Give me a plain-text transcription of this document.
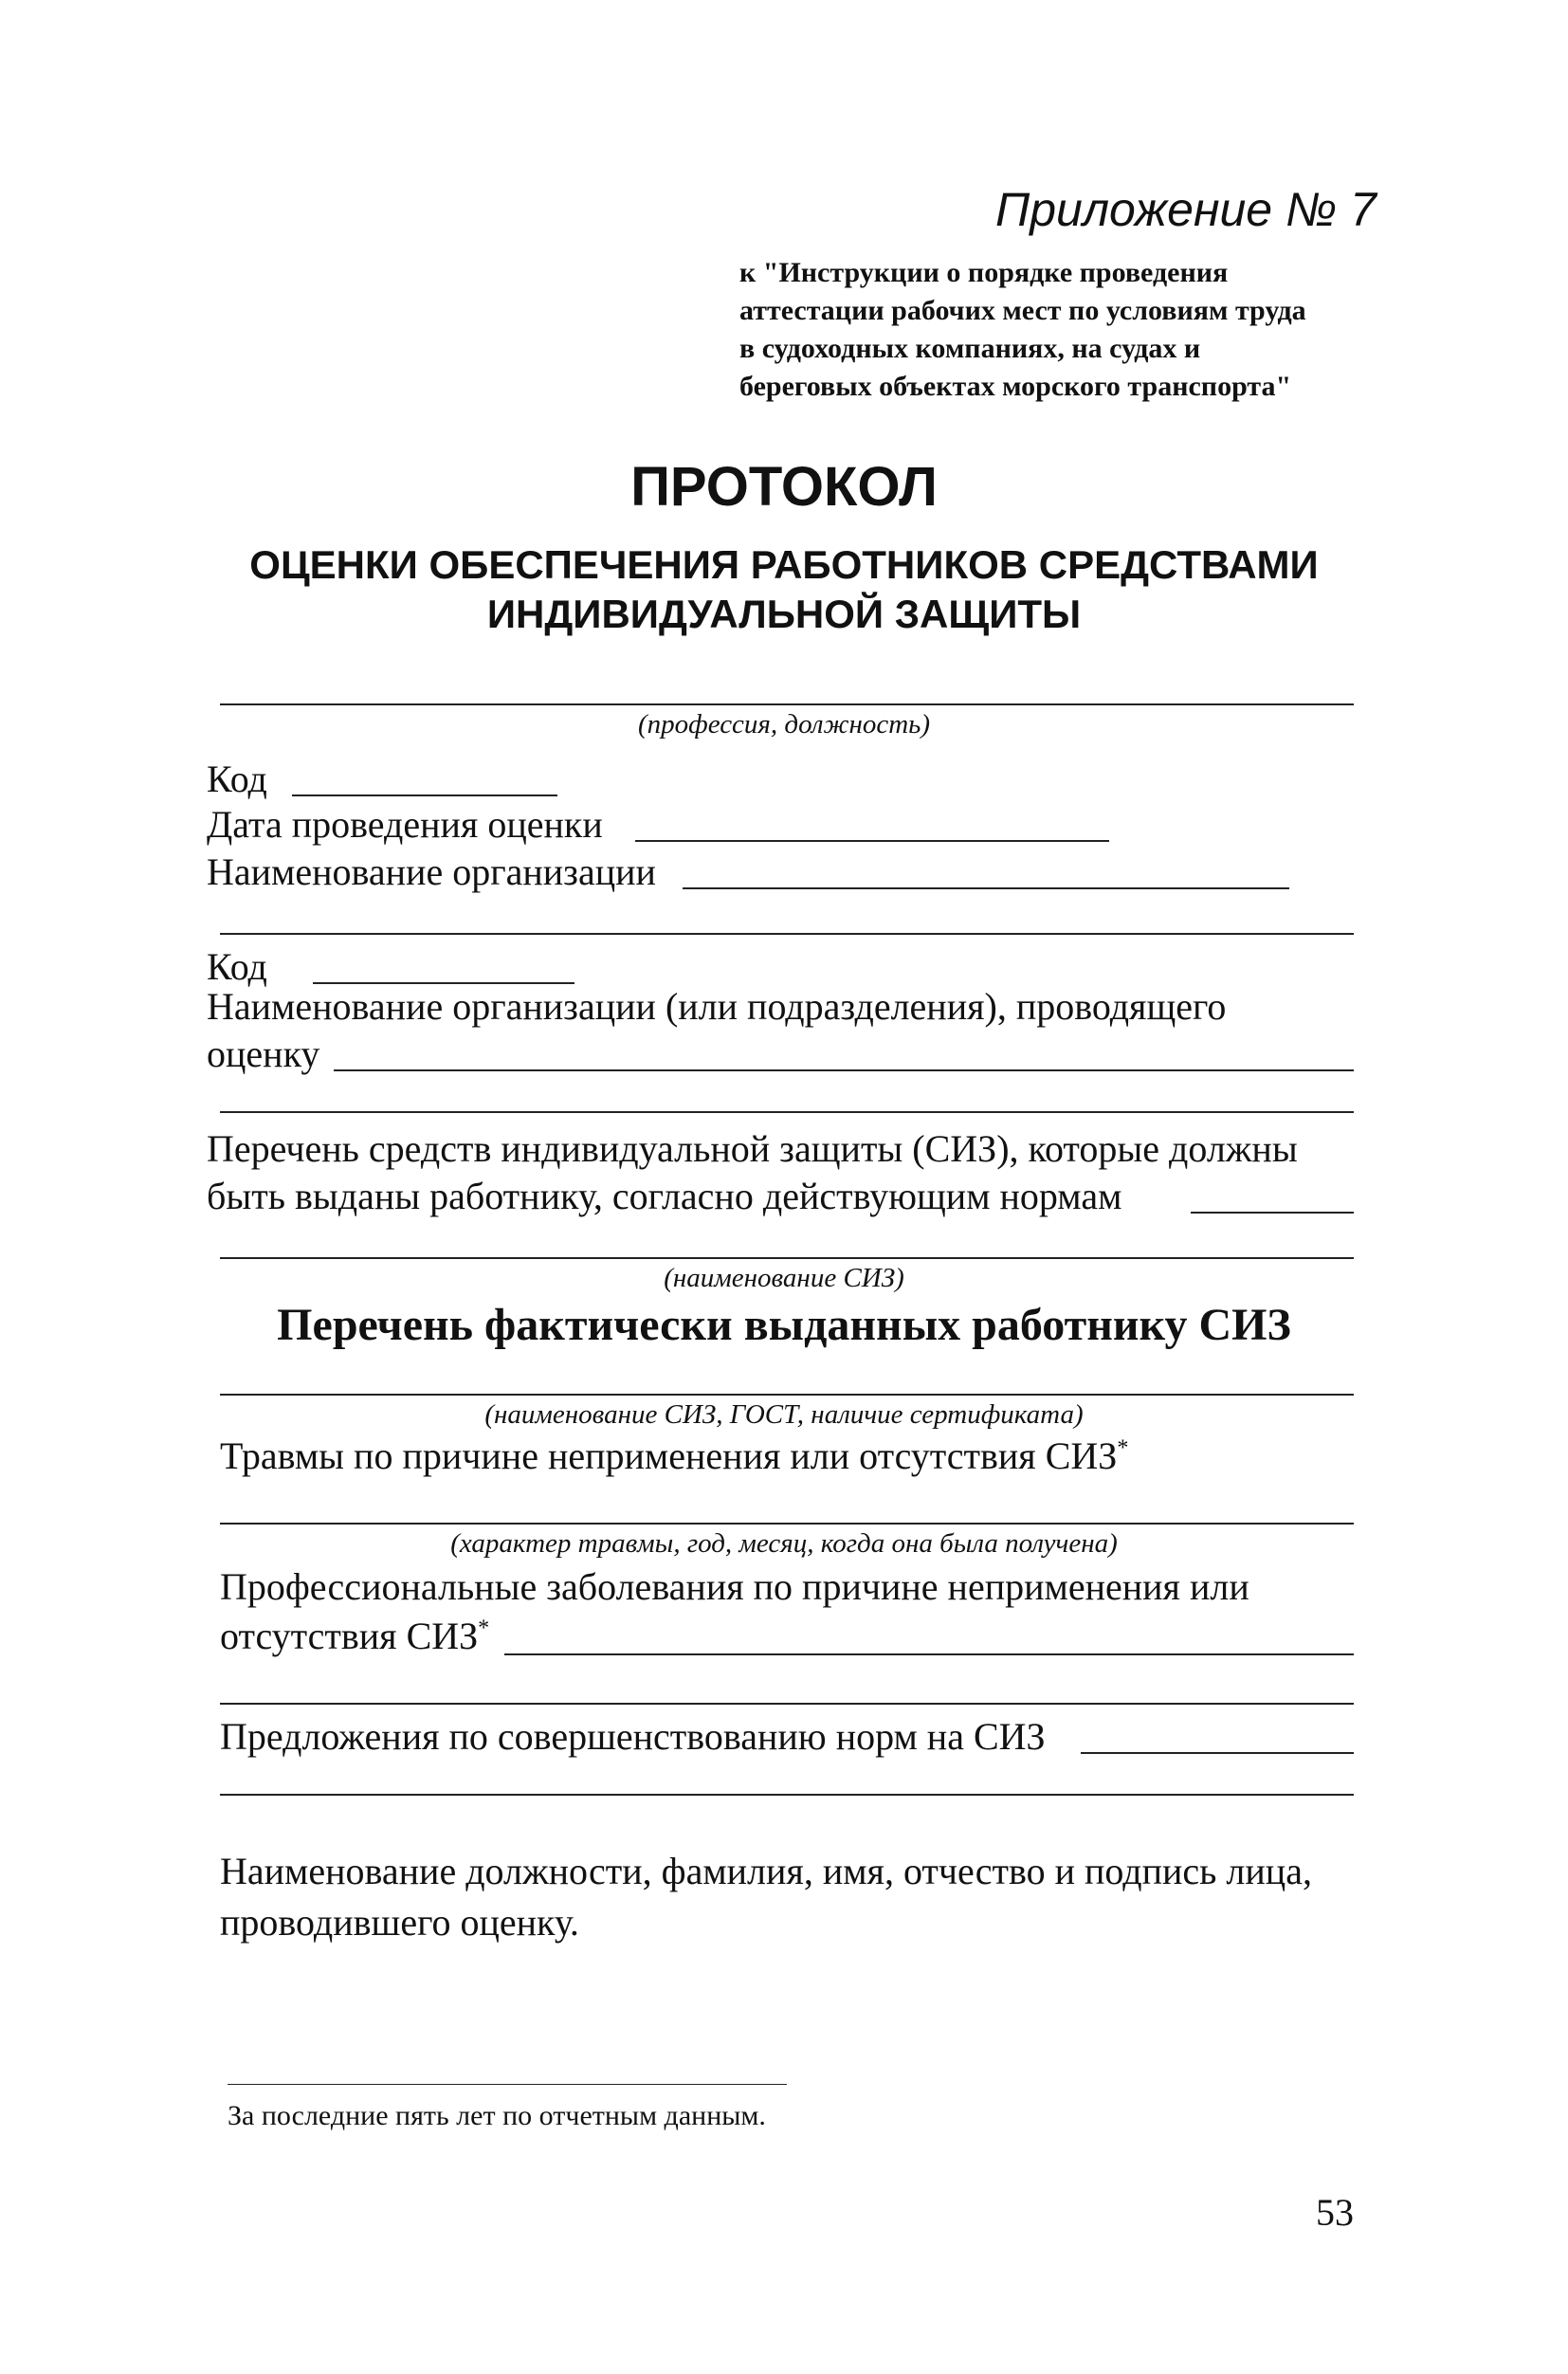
Приложение № 7
к "Инструкции о порядке проведения
аттестации рабочих мест по условиям труда
в судоходных компаниях, на судах и
береговых объектах морского транспорта"
ПРОТОКОЛ
ОЦЕНКИ ОБЕСПЕЧЕНИЯ РАБОТНИКОВ СРЕДСТВАМИ
ИНДИВИДУАЛЬНОЙ ЗАЩИТЫ
(профессия, должность)
Код
Дата проведения оценки
Наименование организации
Код
Наименование организации (или подразделения), проводящего
оценку
Перечень средств индивидуальной защиты (СИЗ), которые должны
быть выданы работнику, согласно действующим нормам
(наименование СИЗ)
Перечень фактически выданных работнику СИЗ
(наименование СИЗ, ГОСТ, наличие сертификата)
Травмы по причине неприменения или отсутствия СИЗ*
(характер травмы, год, месяц, когда она была получена)
Профессиональные заболевания по причине неприменения или
отсутствия СИЗ*
Предложения по совершенствованию норм на СИЗ
Наименование должности, фамилия, имя, отчество и подпись лица,
проводившего оценку.
За последние пять лет по отчетным данным.
53
